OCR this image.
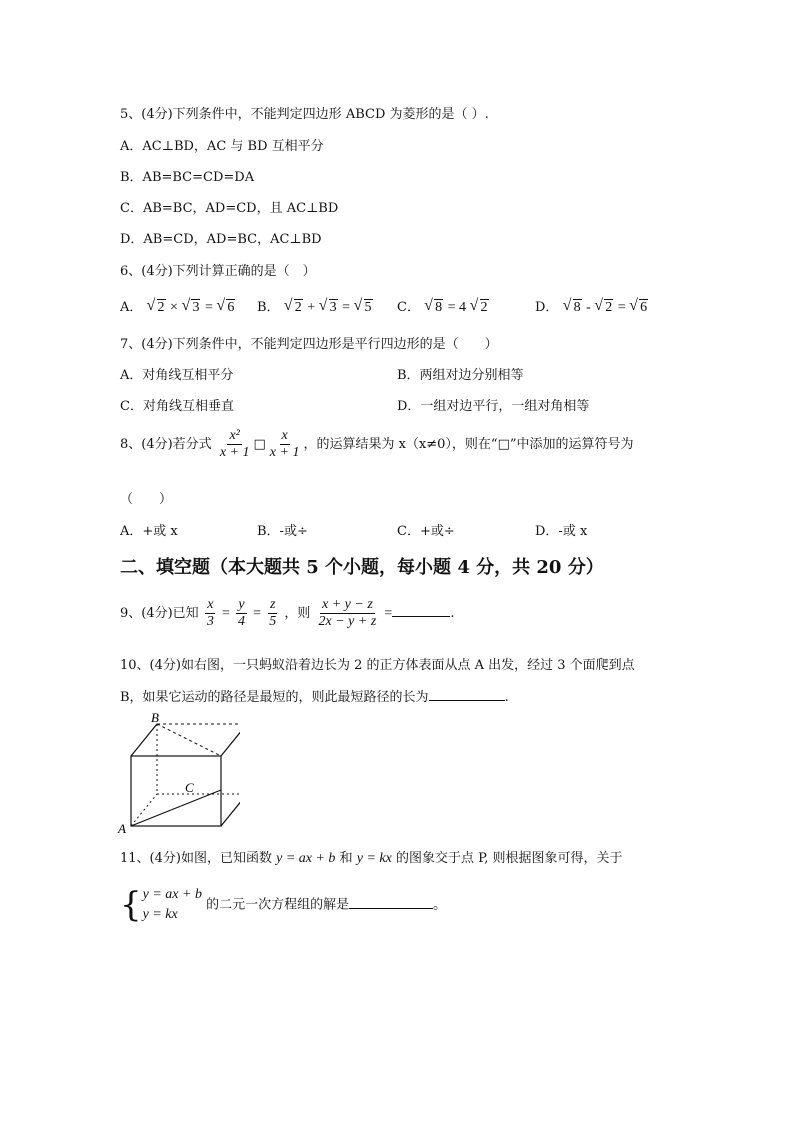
5、(4分)下列条件中，不能判定四边形 ABCD 为菱形的是（ ）.
A．AC⊥BD，AC 与 BD 互相平分
B．AB=BC=CD=DA
C．AB=BC，AD=CD，且 AC⊥BD
D．AB=CD，AD=BC，AC⊥BD
6、(4分)下列计算正确的是（　）
A． √ 2 × √ 3 = √ 6 B． √ 2 + √ 3 = √ 5 C． √ 8 = 4 √ 2	D． √ 8 - √ 2 = √ 6
7、(4分)下列条件中，不能判定四边形是平行四边形的是（　　）
A．对角线互相平分	B．两组对边分别相等
C．对角线互相垂直	D．一组对边平行，一组对角相等
8、(4分)若分式 $\frac{\text{x²}}{x + 1}$ □ $\frac{x}{x + 1}$ ，的运算结果为 x（x≠0），则在“□”中添加的运算符号为
（　　）
A．+或 x	B．-或÷	C．+或÷	D．-或 x
二、填空题（本大题共 5 个小题，每小题 4 分，共 20 分）
9、(4分)已知 $\frac{x}{3} = \frac{y}{4} = \frac{z}{5}$ ，则 $\frac{x + y - z}{2x - y + z}$ =	.
10、(4分)如右图，一只蚂蚁沿着边长为 2 的正方体表面从点 A 出发，经过 3 个面爬到点
B，如果它运动的路径是最短的，则此最短路径的长为	.
B
A
C
11、(4分)如图，已知函数 y = ax + b 和 y = kx 的图象交于点 P, 则根据图象可得，关于
{ y = ax + b
y = kx
的二元一次方程组的解是	。
